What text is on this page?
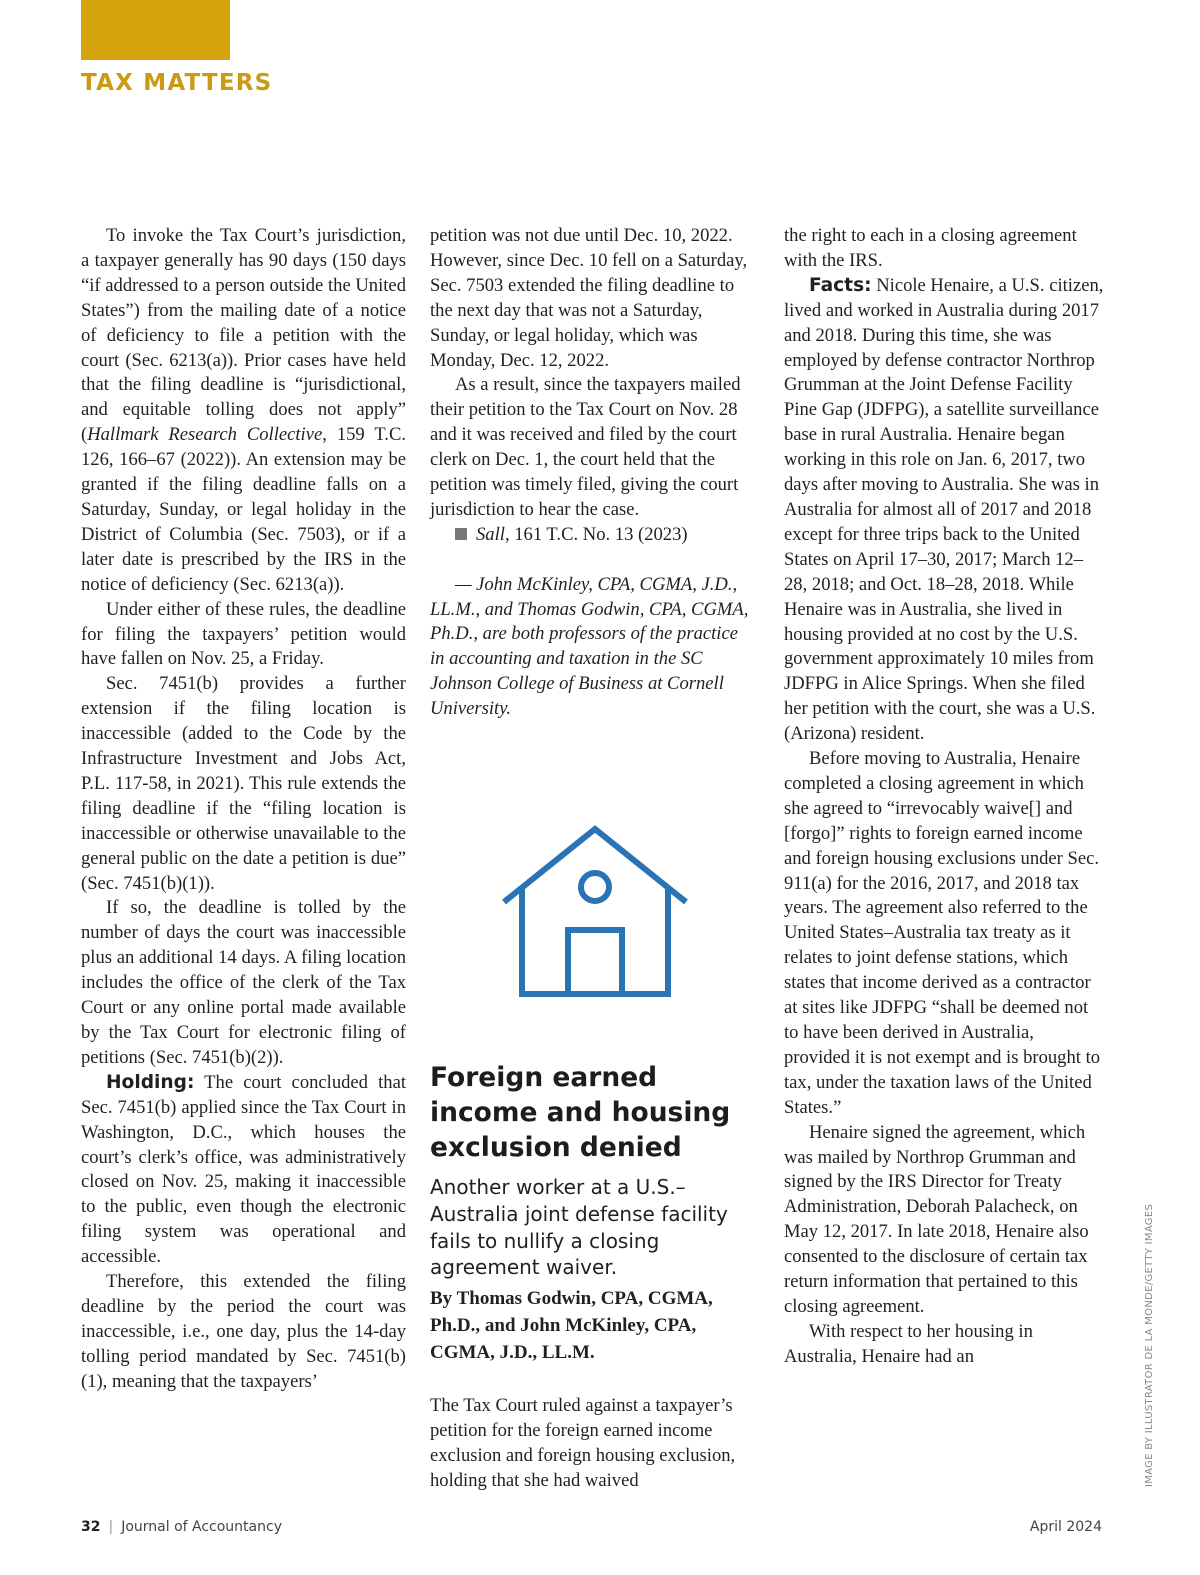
TAX MATTERS

To invoke the Tax Court’s jurisdiction, a taxpayer generally has 90 days (150 days “if addressed to a person outside the United States”) from the mailing date of a notice of deficiency to file a petition with the court (Sec. 6213(a)). Prior cases have held that the filing deadline is “jurisdictional, and equitable tolling does not apply” (Hallmark Research Collective, 159 T.C. 126, 166–67 (2022)). An extension may be granted if the filing deadline falls on a Saturday, Sunday, or legal holiday in the District of Columbia (Sec. 7503), or if a later date is prescribed by the IRS in the notice of deficiency (Sec. 6213(a)).

Under either of these rules, the deadline for filing the taxpayers’ petition would have fallen on Nov. 25, a Friday.

Sec. 7451(b) provides a further extension if the filing location is inaccessible (added to the Code by the Infrastructure Investment and Jobs Act, P.L. 117-58, in 2021). This rule extends the filing deadline if the “filing location is inaccessible or otherwise unavailable to the general public on the date a petition is due” (Sec. 7451(b)(1)).

If so, the deadline is tolled by the number of days the court was inaccessible plus an additional 14 days. A filing location includes the office of the clerk of the Tax Court or any online portal made available by the Tax Court for electronic filing of petitions (Sec. 7451(b)(2)).

Holding: The court concluded that Sec. 7451(b) applied since the Tax Court in Washington, D.C., which houses the court’s clerk’s office, was administratively closed on Nov. 25, making it inaccessible to the public, even though the electronic filing system was operational and accessible.

Therefore, this extended the filing deadline by the period the court was inaccessible, i.e., one day, plus the 14-day tolling period mandated by Sec. 7451(b)(1), meaning that the taxpayers’

petition was not due until Dec. 10, 2022. However, since Dec. 10 fell on a Saturday, Sec. 7503 extended the filing deadline to the next day that was not a Saturday, Sunday, or legal holiday, which was Monday, Dec. 12, 2022.

As a result, since the taxpayers mailed their petition to the Tax Court on Nov. 28 and it was received and filed by the court clerk on Dec. 1, the court held that the petition was timely filed, giving the court jurisdiction to hear the case.

Sall, 161 T.C. No. 13 (2023)

— John McKinley, CPA, CGMA, J.D., LL.M., and Thomas Godwin, CPA, CGMA, Ph.D., are both professors of the practice in accounting and taxation in the SC Johnson College of Business at Cornell University.

Foreign earned income and housing exclusion denied

Another worker at a U.S.–Australia joint defense facility fails to nullify a closing agreement waiver.

By Thomas Godwin, CPA, CGMA, Ph.D., and John McKinley, CPA, CGMA, J.D., LL.M.

The Tax Court ruled against a taxpayer’s petition for the foreign earned income exclusion and foreign housing exclusion, holding that she had waived

the right to each in a closing agreement with the IRS.

Facts: Nicole Henaire, a U.S. citizen, lived and worked in Australia during 2017 and 2018. During this time, she was employed by defense contractor Northrop Grumman at the Joint Defense Facility Pine Gap (JDFPG), a satellite surveillance base in rural Australia. Henaire began working in this role on Jan. 6, 2017, two days after moving to Australia. She was in Australia for almost all of 2017 and 2018 except for three trips back to the United States on April 17–30, 2017; March 12–28, 2018; and Oct. 18–28, 2018. While Henaire was in Australia, she lived in housing provided at no cost by the U.S. government approximately 10 miles from JDFPG in Alice Springs. When she filed her petition with the court, she was a U.S. (Arizona) resident.

Before moving to Australia, Henaire completed a closing agreement in which she agreed to “irrevocably waive[] and [forgo]” rights to foreign earned income and foreign housing exclusions under Sec. 911(a) for the 2016, 2017, and 2018 tax years. The agreement also referred to the United States–Australia tax treaty as it relates to joint defense stations, which states that income derived as a contractor at sites like JDFPG “shall be deemed not to have been derived in Australia, provided it is not exempt and is brought to tax, under the taxation laws of the United States.”

Henaire signed the agreement, which was mailed by Northrop Grumman and signed by the IRS Director for Treaty Administration, Deborah Palacheck, on May 12, 2017. In late 2018, Henaire also consented to the disclosure of certain tax return information that pertained to this closing agreement.

With respect to her housing in Australia, Henaire had an	IMAGE BY ILLUSTRATOR DE LA MONDE/GETTY IMAGES
32 | Journal of Accountancy	April 2024
